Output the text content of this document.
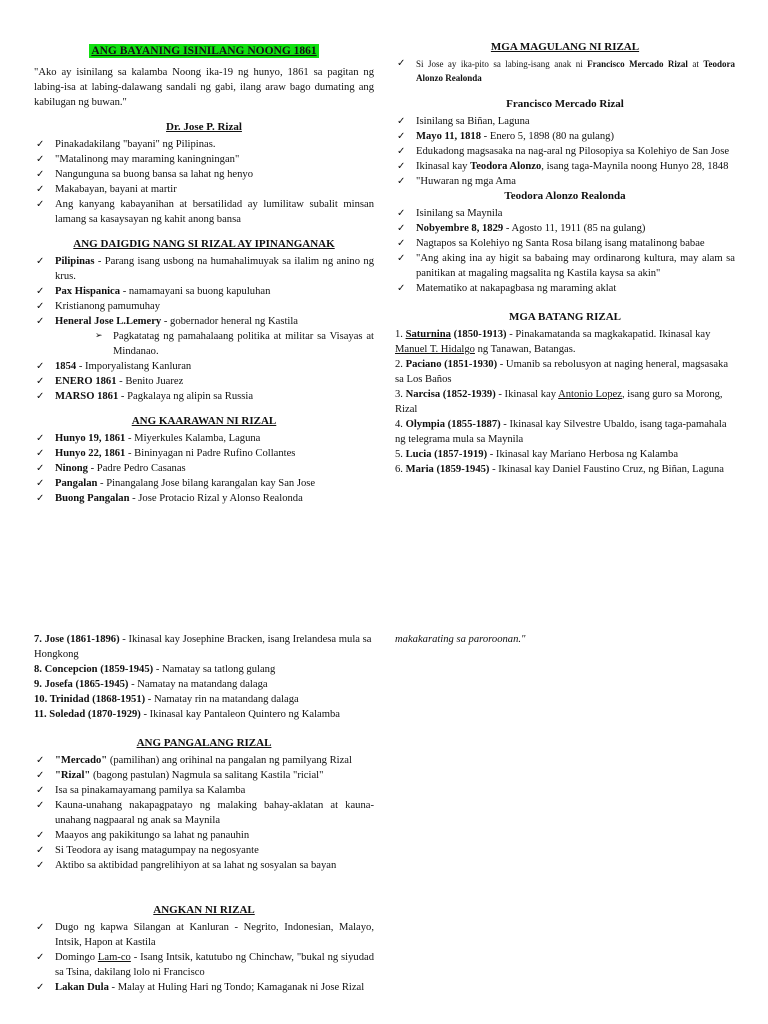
ANG BAYANING ISINILANG NOONG 1861

"Ako ay isinilang sa kalamba Noong ika-19 ng hunyo, 1861 sa pagitan ng labing-isa at labing-dalawang sandali ng gabi, ilang araw bago dumating ang kabilugan ng buwan."

Dr. Jose P. Rizal
✓ Pinakadakilang "bayani" ng Pilipinas.
✓ "Matalinong may maraming kaningningan"
✓ Nangunguna sa buong bansa sa lahat ng henyo
✓ Makabayan, bayani at martir
✓ Ang kanyang kabayanihan at bersatilidad ay lumilitaw subalit minsan lamang sa kasaysayan ng kahit anong bansa
ANG DAIGDIG NANG SI RIZAL AY IPINANGANAK
✓ Pilipinas - Parang isang usbong na humahalimuyak sa ilalim ng anino ng krus.
✓ Pax Hispanica - namamayani sa buong kapuluhan
✓ Kristianong pamumuhay
✓ Heneral Jose L.Lemery - gobernador heneral ng Kastila
➢ Pagkatatag ng pamahalaang politika at militar sa Visayas at Mindanao.
✓ 1854 - Imporyalistang Kanluran
✓ ENERO 1861 - Benito Juarez
✓ MARSO 1861 - Pagkalaya ng alipin sa Russia
ANG KAARAWAN NI RIZAL
✓ Hunyo 19, 1861 - Miyerkules Kalamba, Laguna
✓ Hunyo 22, 1861 - Bininyagan ni Padre Rufino Collantes
✓ Ninong - Padre Pedro Casanas
✓ Pangalan - Pinangalang Jose bilang karangalan kay San Jose
✓ Buong Pangalan - Jose Protacio Rizal y Alonso Realonda
MGA MAGULANG NI RIZAL
✓ Si Jose ay ika-pito sa labing-isang anak ni Francisco Mercado Rizal at Teodora Alonzo Realonda
Francisco Mercado Rizal
✓ Isinilang sa Biñan, Laguna
✓ Mayo 11, 1818 - Enero 5, 1898 (80 na gulang)
✓ Edukadong magsasaka na nag-aral ng Pilosopiya sa Kolehiyo de San Jose
✓ Ikinasal kay Teodora Alonzo, isang taga-Maynila noong Hunyo 28, 1848
✓ "Huwaran ng mga Ama
Teodora Alonzo Realonda
✓ Isinilang sa Maynila
✓ Nobyembre 8, 1829 - Agosto 11, 1911 (85 na gulang)
✓ Nagtapos sa Kolehiyo ng Santa Rosa bilang isang matalinong babae
✓ "Ang aking ina ay higit sa babaing may ordinarong kultura, may alam sa panitikan at magaling magsalita ng Kastila kaysa sa akin"
✓ Matematiko at nakapagbasa ng maraming aklat
MGA BATANG RIZAL

1. Saturnina (1850-1913) - Pinakamatanda sa magkakapatid. Ikinasal kay Manuel T. Hidalgo ng Tanawan, Batangas.

2. Paciano (1851-1930) - Umanib sa rebolusyon at naging heneral, magsasaka sa Los Baños

3. Narcisa (1852-1939) - Ikinasal kay Antonio Lopez, isang guro sa Morong, Rizal

4. Olympia (1855-1887) - Ikinasal kay Silvestre Ubaldo, isang taga-pamahala ng telegrama mula sa Maynila

5. Lucia (1857-1919) - Ikinasal kay Mariano Herbosa ng Kalamba

6. Maria (1859-1945) - Ikinasal kay Daniel Faustino Cruz, ng Biñan, Laguna

7. Jose (1861-1896) - Ikinasal kay Josephine Bracken, isang Irelandesa mula sa Hongkong

8. Concepcion (1859-1945) - Namatay sa tatlong gulang

9. Josefa (1865-1945) - Namatay na matandang dalaga

10. Trinidad (1868-1951) - Namatay rin na matandang dalaga

11. Soledad (1870-1929) - Ikinasal kay Pantaleon Quintero ng Kalamba

ANG PANGALANG RIZAL
✓ "Mercado" (pamilihan) ang orihinal na pangalan ng pamilyang Rizal
✓ "Rizal" (bagong pastulan) Nagmula sa salitang Kastila "ricial"
✓ Isa sa pinakamayamang pamilya sa Kalamba
✓ Kauna-unahang nakapagpatayo ng malaking bahay-aklatan at kauna-unahang nagpaaral ng anak sa Maynila
✓ Maayos ang pakikitungo sa lahat ng panauhin
✓ Si Teodora ay isang matagumpay na negosyante
✓ Aktibo sa aktibidad pangrelihiyon at sa lahat ng sosyalan sa bayan
ANGKAN NI RIZAL
✓ Dugo ng kapwa Silangan at Kanluran - Negrito, Indonesian, Malayo, Intsik, Hapon at Kastila
✓ Domingo Lam-co - Isang Intsik, katutubo ng Chinchaw, "bukal ng siyudad sa Tsina, dakilang lolo ni Francisco
✓ Lakan Dula - Malay at Huling Hari ng Tondo; Kamaganak ni Jose Rizal

makakarating sa paroroonan."
